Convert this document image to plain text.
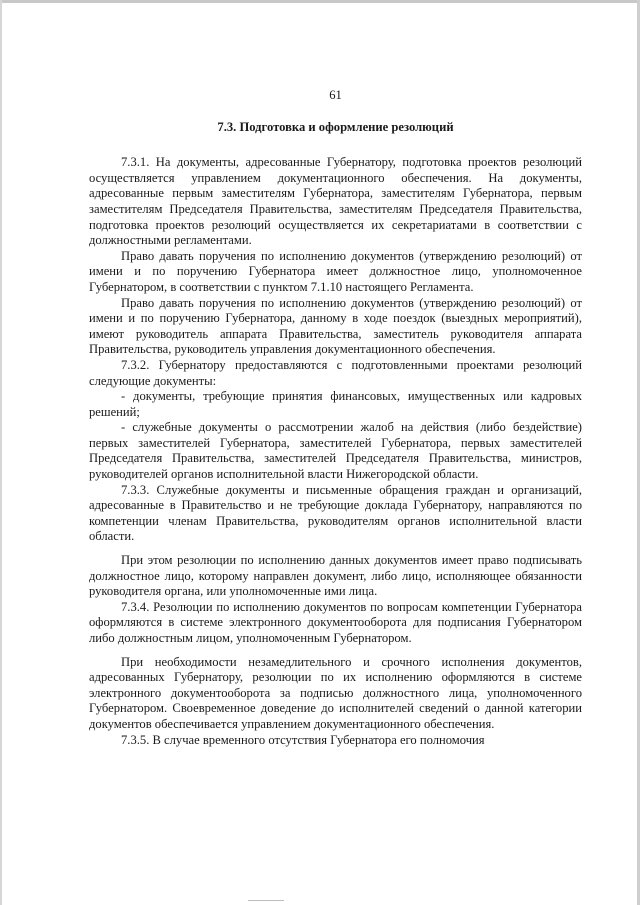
61
7.3. Подготовка и оформление резолюций

7.3.1. На документы, адресованные Губернатору, подготовка проектов резолюций осуществляется управлением документационного обеспечения. На документы, адресованные первым заместителям Губернатора, заместителям Губернатора, первым заместителям Председателя Правительства, заместителям Председателя Правительства, подготовка проектов резолюций осуществляется их секретариатами в соответствии с должностными регламентами.

Право давать поручения по исполнению документов (утверждению резолюций) от имени и по поручению Губернатора имеет должностное лицо, уполномоченное Губернатором, в соответствии с пунктом 7.1.10 настоящего Регламента.

Право давать поручения по исполнению документов (утверждению резолюций) от имени и по поручению Губернатора, данному в ходе поездок (выездных мероприятий), имеют руководитель аппарата Правительства, заместитель руководителя аппарата Правительства, руководитель управления документационного обеспечения.

7.3.2. Губернатору предоставляются с подготовленными проектами резолюций следующие документы:

- документы, требующие принятия финансовых, имущественных или кадровых решений;

- служебные документы о рассмотрении жалоб на действия (либо бездействие) первых заместителей Губернатора, заместителей Губернатора, первых заместителей Председателя Правительства, заместителей Председателя Правительства, министров, руководителей органов исполнительной власти Нижегородской области.

7.3.3. Служебные документы и письменные обращения граждан и организаций, адресованные в Правительство и не требующие доклада Губернатору, направляются по компетенции членам Правительства, руководителям органов исполнительной власти области.

При этом резолюции по исполнению данных документов имеет право подписывать должностное лицо, которому направлен документ, либо лицо, исполняющее обязанности руководителя органа, или уполномоченные ими лица.

7.3.4. Резолюции по исполнению документов по вопросам компетенции Губернатора оформляются в системе электронного документооборота для подписания Губернатором либо должностным лицом, уполномоченным Губернатором.

При необходимости незамедлительного и срочного исполнения документов, адресованных Губернатору, резолюции по их исполнению оформляются в системе электронного документооборота за подписью должностного лица, уполномоченного Губернатором. Своевременное доведение до исполнителей сведений о данной категории документов обеспечивается управлением документационного обеспечения.

7.3.5. В случае временного отсутствия Губернатора его полномочия
